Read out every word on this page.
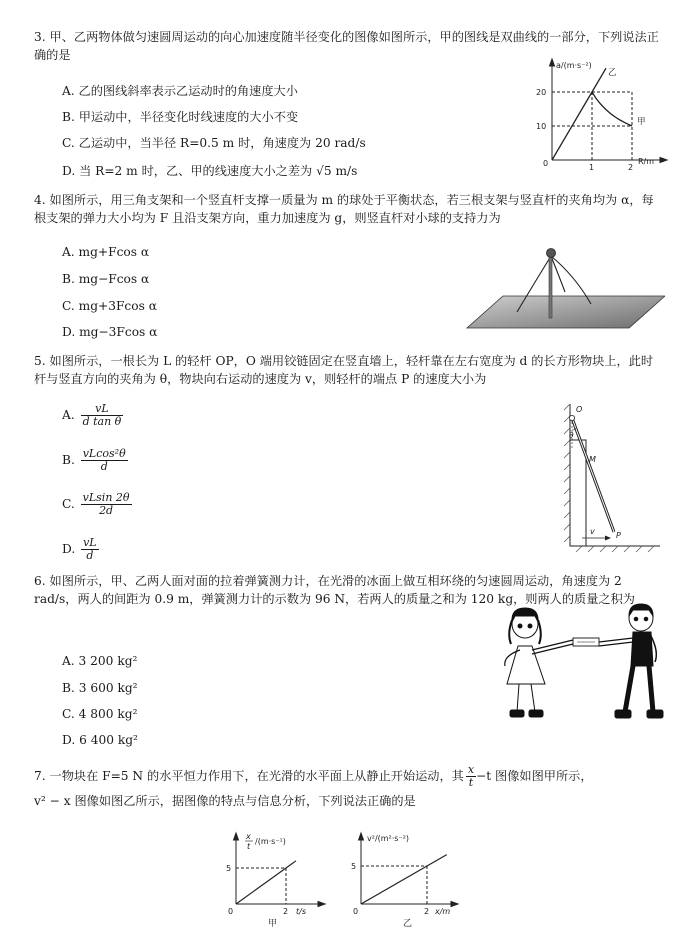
3. 甲、乙两物体做匀速圆周运动的向心加速度随半径变化的图像如图所示，甲的图线是双曲线的一部分，下列说法正确的是

A. 乙的图线斜率表示乙运动时的角速度大小
B. 甲运动中，半径变化时线速度的大小不变
C. 乙运动中，当半径 R=0.5 m 时，角速度为 20 rad/s
D. 当 R=2 m 时，乙、甲的线速度大小之差为 √5 m/s
a/(m·s⁻²)
R/m
20
10
0	1	2
乙
甲

4. 如图所示，用三角支架和一个竖直杆支撑一质量为 m 的球处于平衡状态，若三根支架与竖直杆的夹角均为 α，每根支架的弹力大小均为 F 且沿支架方向，重力加速度为 g，则竖直杆对小球的支持力为

A. mg+Fcos α
B. mg−Fcos α
C. mg+3Fcos α
D. mg−3Fcos α

5. 如图所示，一根长为 L 的轻杆 OP，O 端用铰链固定在竖直墙上，轻杆靠在左右宽度为 d 的长方形物块上，此时杆与竖直方向的夹角为 θ，物块向右运动的速度为 v，则轻杆的端点 P 的速度大小为

A. $\frac{vL}{\text{d tan θ}}$
B. $\frac{\text{vLcos²θ}}{d}$
C. $\frac{vLsin 2\theta}{2d}$
D. $\frac{vL}{d}$
O
θ
M
v	P

6. 如图所示，甲、乙两人面对面的拉着弹簧测力计，在光滑的冰面上做互相环绕的匀速圆周运动，角速度为 2 rad/s，两人的间距为 0.9 m，弹簧测力计的示数为 96 N，若两人的质量之和为 120 kg，则两人的质量之积为

A. 3 200 kg²
B. 3 600 kg²
C. 4 800 kg²
D. 6 400 kg²

7. 一物块在 F=5 N 的水平恒力作用下，在光滑的水平面上从静止开始运动，其 $\frac{x}{t} -t$ 图像如图甲所示，
v² − x 图像如图乙所示，据图像的特点与信息分析，下列说法正确的是

x
t
/(m·s⁻¹)
5
0	2 t/s
甲
v²/(m²·s⁻²)
5
0	2 x/m
乙
